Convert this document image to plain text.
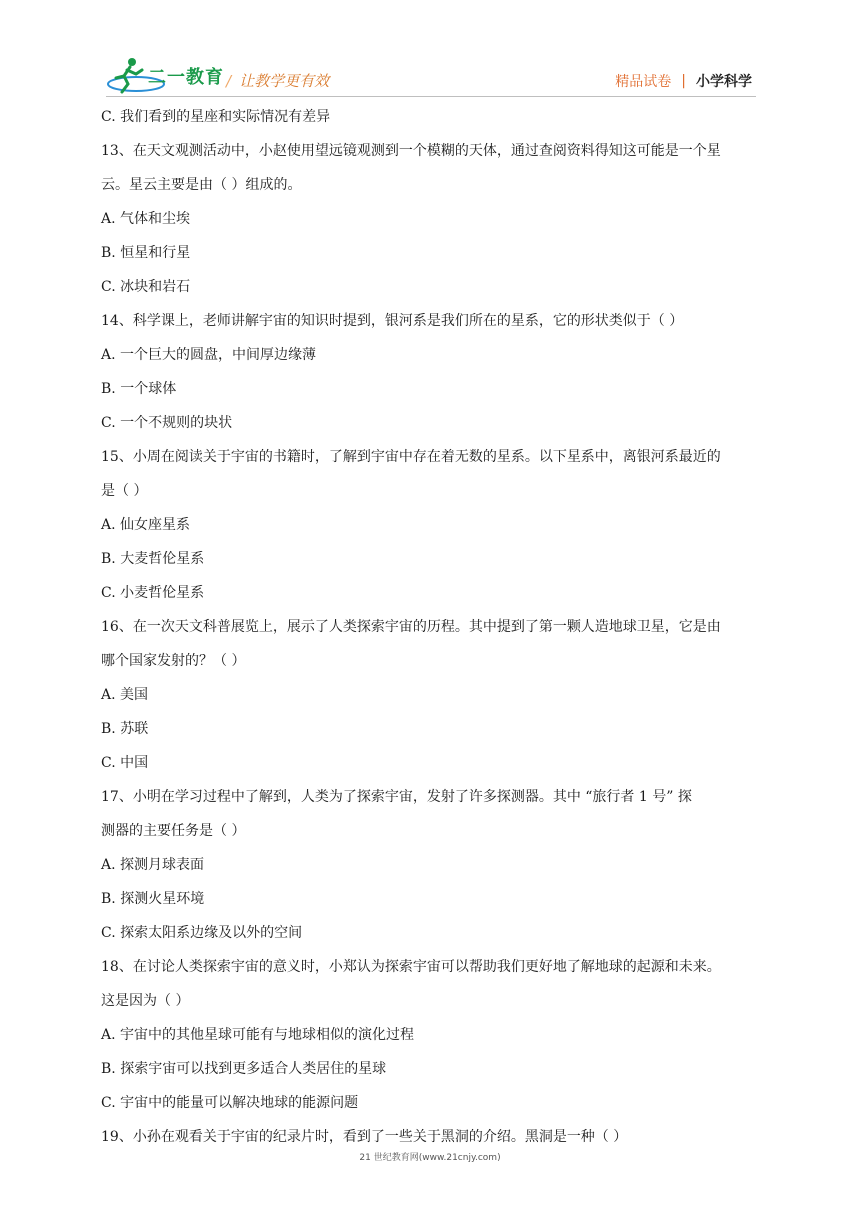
二一教育 / 让教学更有效	精品试卷 | 小学科学
C. 我们看到的星座和实际情况有差异
13、在天文观测活动中，小赵使用望远镜观测到一个模糊的天体，通过查阅资料得知这可能是一个星
云。星云主要是由（ ）组成的。
A. 气体和尘埃
B. 恒星和行星
C. 冰块和岩石
14、科学课上，老师讲解宇宙的知识时提到，银河系是我们所在的星系，它的形状类似于（ ）
A. 一个巨大的圆盘，中间厚边缘薄
B. 一个球体
C. 一个不规则的块状
15、小周在阅读关于宇宙的书籍时，了解到宇宙中存在着无数的星系。以下星系中，离银河系最近的
是（ ）
A. 仙女座星系
B. 大麦哲伦星系
C. 小麦哲伦星系
16、在一次天文科普展览上，展示了人类探索宇宙的历程。其中提到了第一颗人造地球卫星，它是由
哪个国家发射的？（ ）
A. 美国
B. 苏联
C. 中国
17、小明在学习过程中了解到，人类为了探索宇宙，发射了许多探测器。其中 “旅行者 1 号” 探
测器的主要任务是（ ）
A. 探测月球表面
B. 探测火星环境
C. 探索太阳系边缘及以外的空间
18、在讨论人类探索宇宙的意义时，小郑认为探索宇宙可以帮助我们更好地了解地球的起源和未来。
这是因为（ ）
A. 宇宙中的其他星球可能有与地球相似的演化过程
B. 探索宇宙可以找到更多适合人类居住的星球
C. 宇宙中的能量可以解决地球的能源问题
19、小孙在观看关于宇宙的纪录片时，看到了一些关于黑洞的介绍。黑洞是一种（ ）
21 世纪教育网(www.21cnjy.com)
